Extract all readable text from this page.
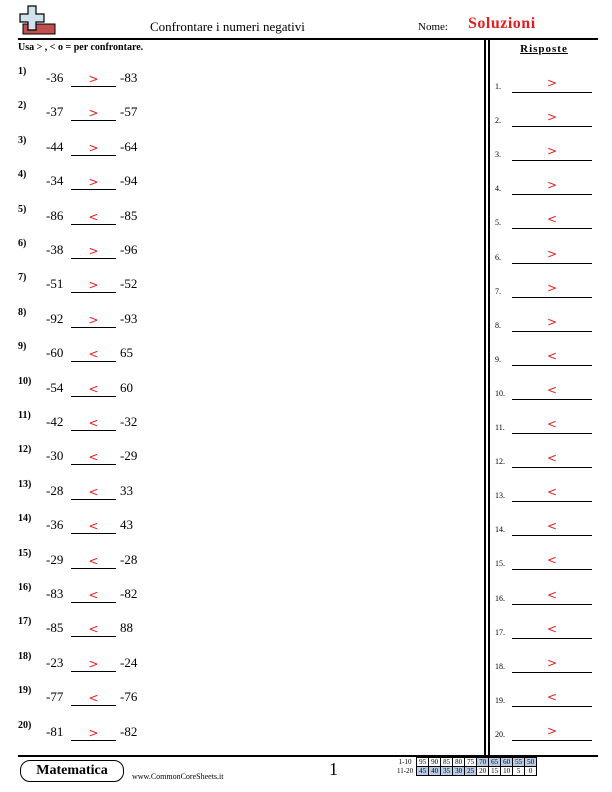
Confrontare i numeri negativi	Nome: Soluzioni
Usa > , < o = per confrontare.	Risposte
1)	-36	>	-83
2)	-37	>	-57
3)	-44	>	-64
4)	-34	>	-94
5)	-86	<	-85
6)	-38	>	-96
7)	-51	>	-52
8)	-92	>	-93
9)	-60	<	65
10)	-54	<	60
11)	-42	<	-32
12)	-30	<	-29
13)	-28	<	33
14)	-36	<	43
15)	-29	<	-28
16)	-83	<	-82
17)	-85	<	88
18)	-23	>	-24
19)	-77	<	-76
20)	-81	>	-82
1.	>
2.	>
3.	>
4.	>
5.	<
6.	>
7.	>
8.	>
9.	<
10.	<
11.	<
12.	<
13.	<
14.	<
15.	<
16.	<
17.	<
18.	>
19.	<
20.	>
Matematica	www.CommonCoreSheets.it	1	1-10	95	90	85	80	75	70	65	60	55	50
11-20	45	40	35	30	25	20	15	10	5	0
